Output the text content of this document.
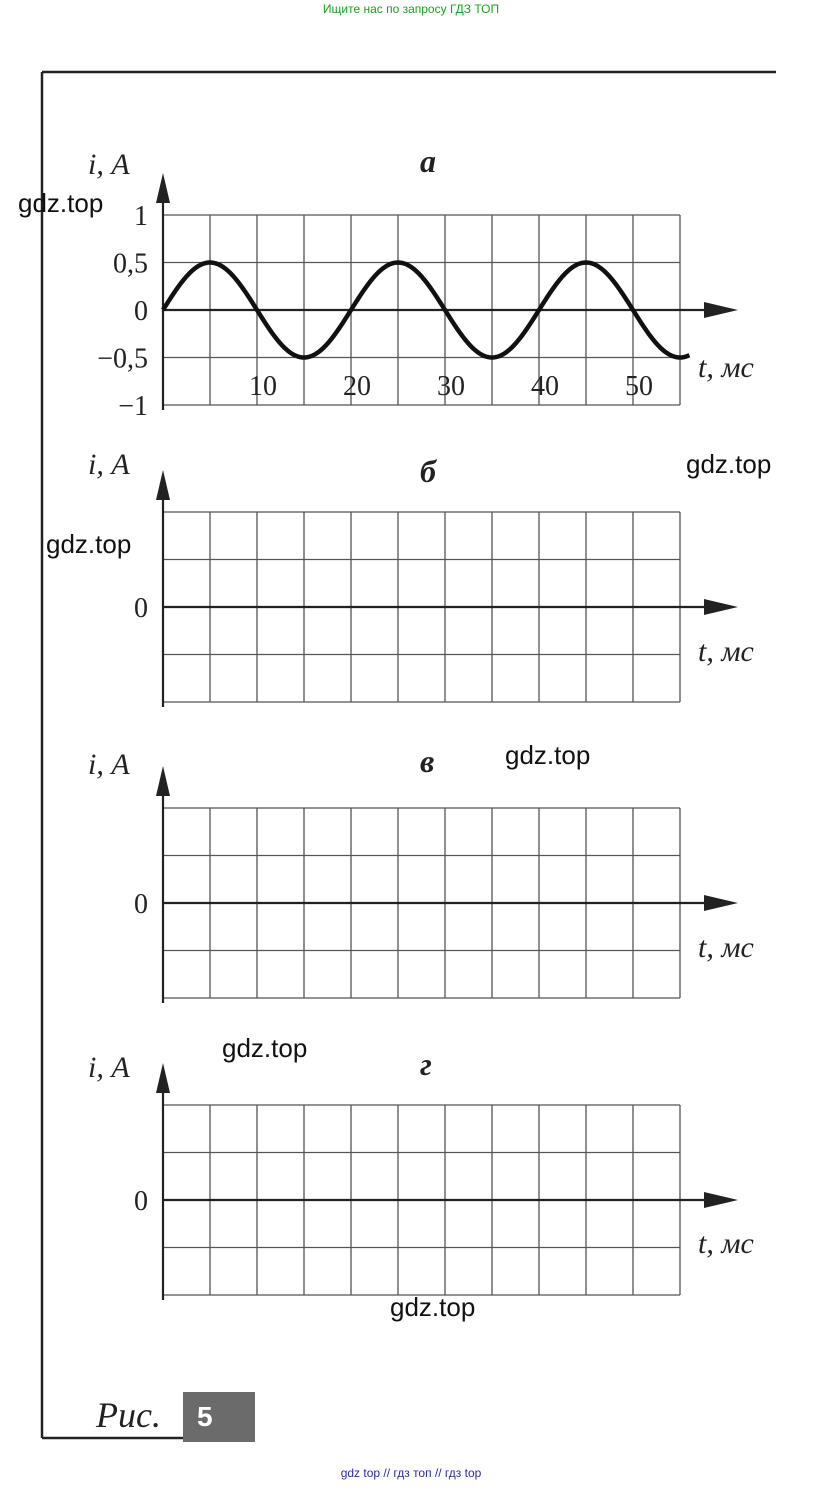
Ищите нас по запросу ГДЗ ТОП
i, А
t, мс
а
1
0,5
0
−0,5
−1
10 20 30 40 50
i, А
t, мс
б
0
i, А
t, мс
в
0
i, А
t, мс
г
0
gdz.top
gdz.top
gdz.top
gdz.top
gdz.top
gdz.top
Рис.	5
gdz top // гдз топ // гдз top
